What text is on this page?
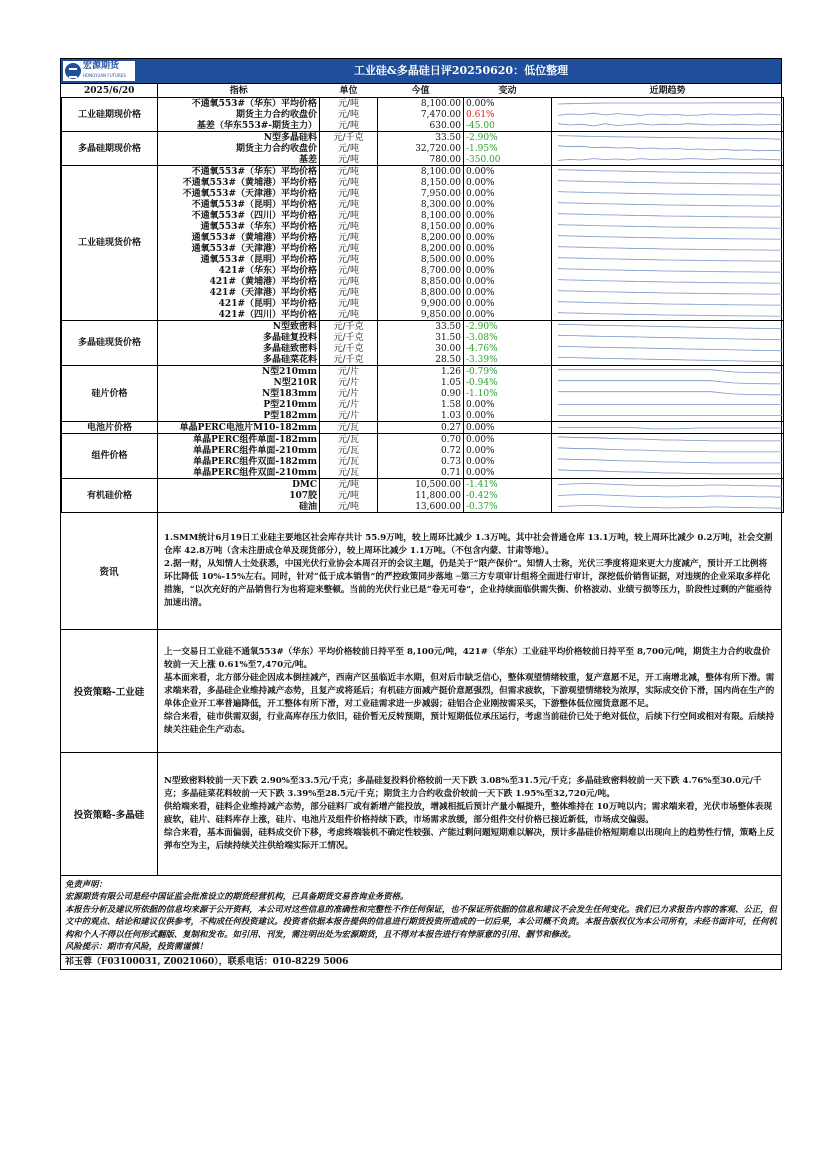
宏源期货
HONGYUAN FUTURES	工业硅&多晶硅日评20250620：低位整理
2025/6/20	指标	单位	今值	变动	近期趋势
工业硅期现价格	不通氧553#（华东）平均价格	元/吨	8,100.00	0.00%	

	期货主力合约收盘价	元/吨	7,470.00	0.61%	

	基差（华东553#-期货主力）	元/吨	630.00	-45.00	

多晶硅期现价格	N型多晶硅料	元/千克	33.50	-2.90%	

	期货主力合约收盘价	元/吨	32,720.00	-1.95%	

	基差	元/吨	780.00	-350.00	

工业硅现货价格	不通氧553#（华东）平均价格	元/吨	8,100.00	0.00%	

	不通氧553#（黄埔港）平均价格	元/吨	8,150.00	0.00%	

	不通氧553#（天津港）平均价格	元/吨	7,950.00	0.00%	

	不通氧553#（昆明）平均价格	元/吨	8,300.00	0.00%	

	不通氧553#（四川）平均价格	元/吨	8,100.00	0.00%	

	通氧553#（华东）平均价格	元/吨	8,150.00	0.00%	

	通氧553#（黄埔港）平均价格	元/吨	8,200.00	0.00%	

	通氧553#（天津港）平均价格	元/吨	8,200.00	0.00%	

	通氧553#（昆明）平均价格	元/吨	8,500.00	0.00%	

	421#（华东）平均价格	元/吨	8,700.00	0.00%	

	421#（黄埔港）平均价格	元/吨	8,850.00	0.00%	

	421#（天津港）平均价格	元/吨	8,800.00	0.00%	

	421#（昆明）平均价格	元/吨	9,900.00	0.00%	

	421#（四川）平均价格	元/吨	9,850.00	0.00%	

多晶硅现货价格	N型致密料	元/千克	33.50	-2.90%	

	多晶硅复投料	元/千克	31.50	-3.08%	

	多晶硅致密料	元/千克	30.00	-4.76%	

	多晶硅菜花料	元/千克	28.50	-3.39%	

硅片价格	N型210mm	元/片	1.26	-0.79%	

	N型210R	元/片	1.05	-0.94%	

	N型183mm	元/片	0.90	-1.10%	

	P型210mm	元/片	1.58	0.00%	

	P型182mm	元/片	1.03	0.00%	

电池片价格	单晶PERC电池片M10-182mm	元/瓦	0.27	0.00%	

组件价格	单晶PERC组件单面-182mm	元/瓦	0.70	0.00%	

	单晶PERC组件单面-210mm	元/瓦	0.72	0.00%	

	单晶PERC组件双面-182mm	元/瓦	0.73	0.00%	

	单晶PERC组件双面-210mm	元/瓦	0.71	0.00%	

有机硅价格	DMC	元/吨	10,500.00	-1.41%	

	107胶	元/吨	11,800.00	-0.42%	

	硅油	元/吨	13,600.00	-0.37%	
资讯

1.SMM统计6月19日工业硅主要地区社会库存共计 55.9万吨，较上周环比减少 1.3万吨。其中社会普通仓库 13.1万吨，较上周环比减少 0.2万吨，社会交割仓库 42.8万吨（含未注册成仓单及现货部分），较上周环比减少 1.1万吨。（不包含内蒙、甘肃等地）。

2.据一财，从知情人士处获悉，中国光伏行业协会本周召开的会议主题，仍是关于“限产保价”。知情人士称，光伏三季度将迎来更大力度减产，预计开工比例将环比降低 10%-15%左右。同时，针对“低于成本销售”的严控政策同步落地 ─第三方专项审计组将全面进行审计，深挖低价销售证据，对违规的企业采取多样化措施，“以次充好的产品销售行为也将迎来整顿。当前的光伏行业已是“卷无可卷”，企业持续面临供需失衡、价格波动、业绩亏损等压力，阶段性过剩的产能亟待加速出清。

投资策略-工业硅

上一交易日工业硅不通氧553#（华东）平均价格较前日持平至 8,100元/吨，421#（华东）工业硅平均价格较前日持平至 8,700元/吨，期货主力合约收盘价较前一天上涨 0.61%至7,470元/吨。

基本面来看，北方部分硅企因成本倒挂减产，西南产区虽临近丰水期，但对后市缺乏信心，整体观望情绪较重，复产意愿不足，开工南增北减，整体有所下滑。需求端来看，多晶硅企业维持减产态势，且复产或将延后；有机硅方面减产挺价意愿强烈，但需求疲软，下游观望情绪较为浓厚，实际成交价下滑，国内尚在生产的单体企业开工率普遍降低，开工整体有所下滑，对工业硅需求进一步减弱；硅铝合企业刚按需采买，下游整体低位囤货意愿不足。

综合来看，硅市供需双弱，行业高库存压力依旧，硅价暂无反转预期，预计短期低位承压运行，考虑当前硅价已处于绝对低位，后续下行空间或相对有限。后续持续关注硅企生产动态。

投资策略-多晶硅

N型致密料较前一天下跌 2.90%至33.5元/千克；多晶硅复投料价格较前一天下跌 3.08%至31.5元/千克；多晶硅致密料较前一天下跌 4.76%至30.0元/千克；多晶硅菜花料较前一天下跌 3.39%至28.5元/千克；期货主力合约收盘价较前一天下跌 1.95%至32,720元/吨。

供给端来看，硅料企业维持减产态势，部分硅料厂或有新增产能投放，增减相抵后预计产量小幅提升，整体维持在 10万吨以内；需求端来看，光伏市场整体表现疲软，硅片、硅料库存上涨，硅片、电池片及组件价格持续下跌，市场需求放缓，部分组件交付价格已接近新低，市场成交偏弱。

综合来看，基本面偏弱，硅料成交价下移，考虑终端装机不确定性较强、产能过剩问题短期难以解决，预计多晶硅价格短期难以出现向上的趋势性行情，策略上反弹布空为主，后续持续关注供给端实际开工情况。

免责声明：

宏源期货有限公司是经中国证监会批准设立的期货经营机构，已具备期货交易咨询业务资格。

本报告分析及建议所依据的信息均来源于公开资料，本公司对这些信息的准确性和完整性不作任何保证，也不保证所依据的信息和建议不会发生任何变化。我们已力求报告内容的客观、公正，但文中的观点、结论和建议仅供参考，不构成任何投资建议。投资者依据本报告提供的信息进行期货投资所造成的一切后果，本公司概不负责。本报告版权仅为本公司所有，未经书面许可，任何机构和个人不得以任何形式翻版、复制和发布。如引用、刊发，需注明出处为宏源期货，且不得对本报告进行有悖原意的引用、删节和修改。

风险提示：期市有风险，投资需谨慎！

祁玉蓉（F03100031, Z0021060），联系电话：010-8229 5006
